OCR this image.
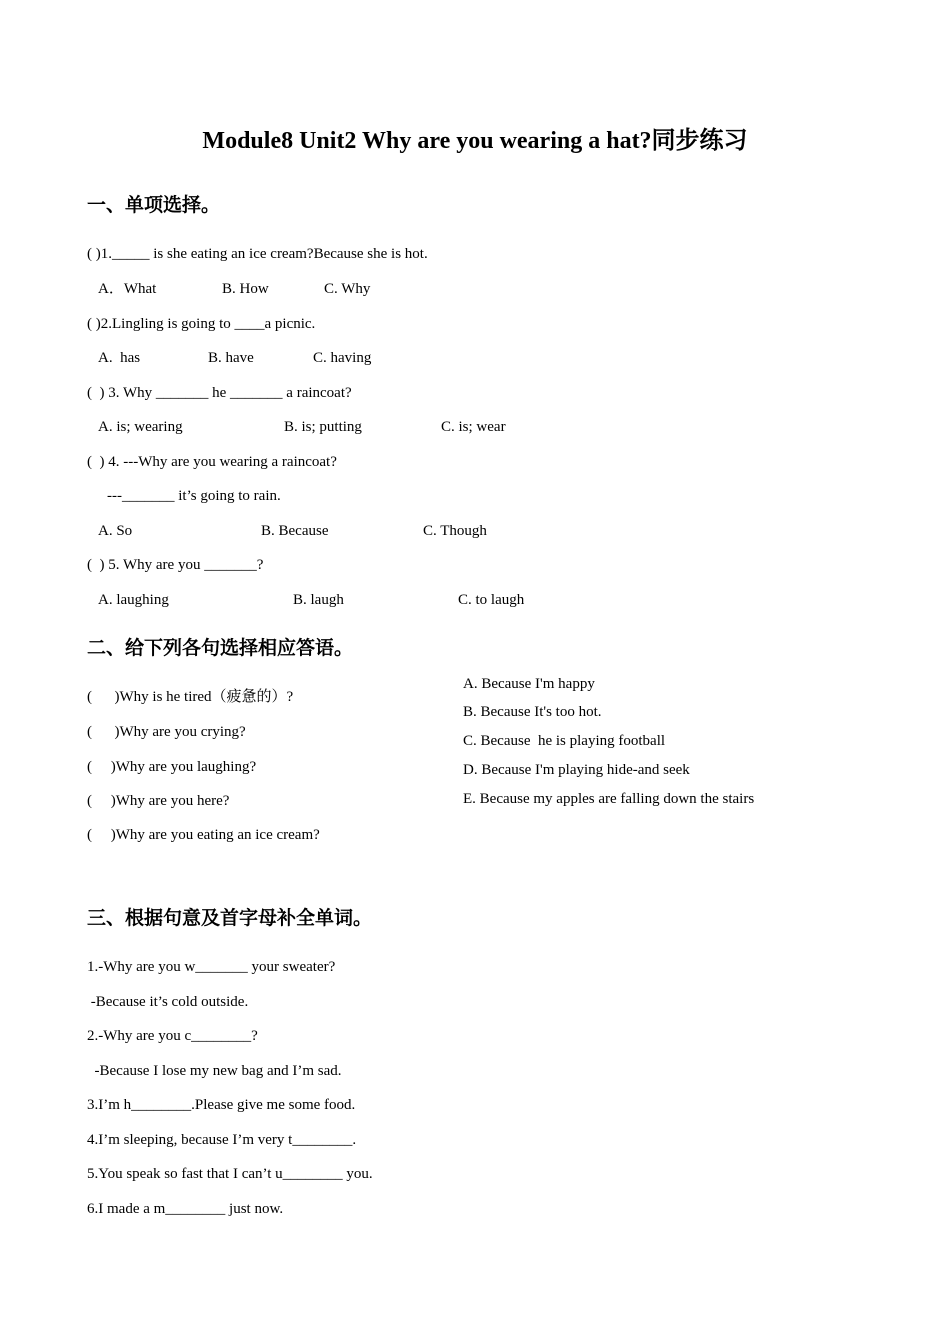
Module8 Unit2 Why are you wearing a hat?同步练习
一、单项选择。
( )1._____ is she eating an ice cream?Because she is hot.
A．What	B. How	C. Why
( )2.Lingling is going to ____a picnic.
A.  has	B. have	C. having
(  ) 3. Why _______ he _______ a raincoat?
A. is; wearing	B. is; putting	C. is; wear
(  ) 4. ---Why are you wearing a raincoat?
---_______ it’s going to rain.
A. So	B. Because	C. Though
(  ) 5. Why are you _______?
A. laughing	B. laugh	C. to laugh
二、给下列各句选择相应答语。
(      )Why is he tired（疲惫的）?
(      )Why are you crying?
(     )Why are you laughing?
(     )Why are you here?
(     )Why are you eating an ice cream?
A. Because I'm happy
B. Because It's too hot.
C. Because  he is playing football
D. Because I'm playing hide-and seek
E. Because my apples are falling down the stairs
三、根据句意及首字母补全单词。
1.-Why are you w_______ your sweater?
-Because it’s cold outside.
2.-Why are you c________?
-Because I lose my new bag and I’m sad.
3.I’m h________.Please give me some food.
4.I’m sleeping, because I’m very t________.
5.You speak so fast that I can’t u________ you.
6.I made a m________ just now.
